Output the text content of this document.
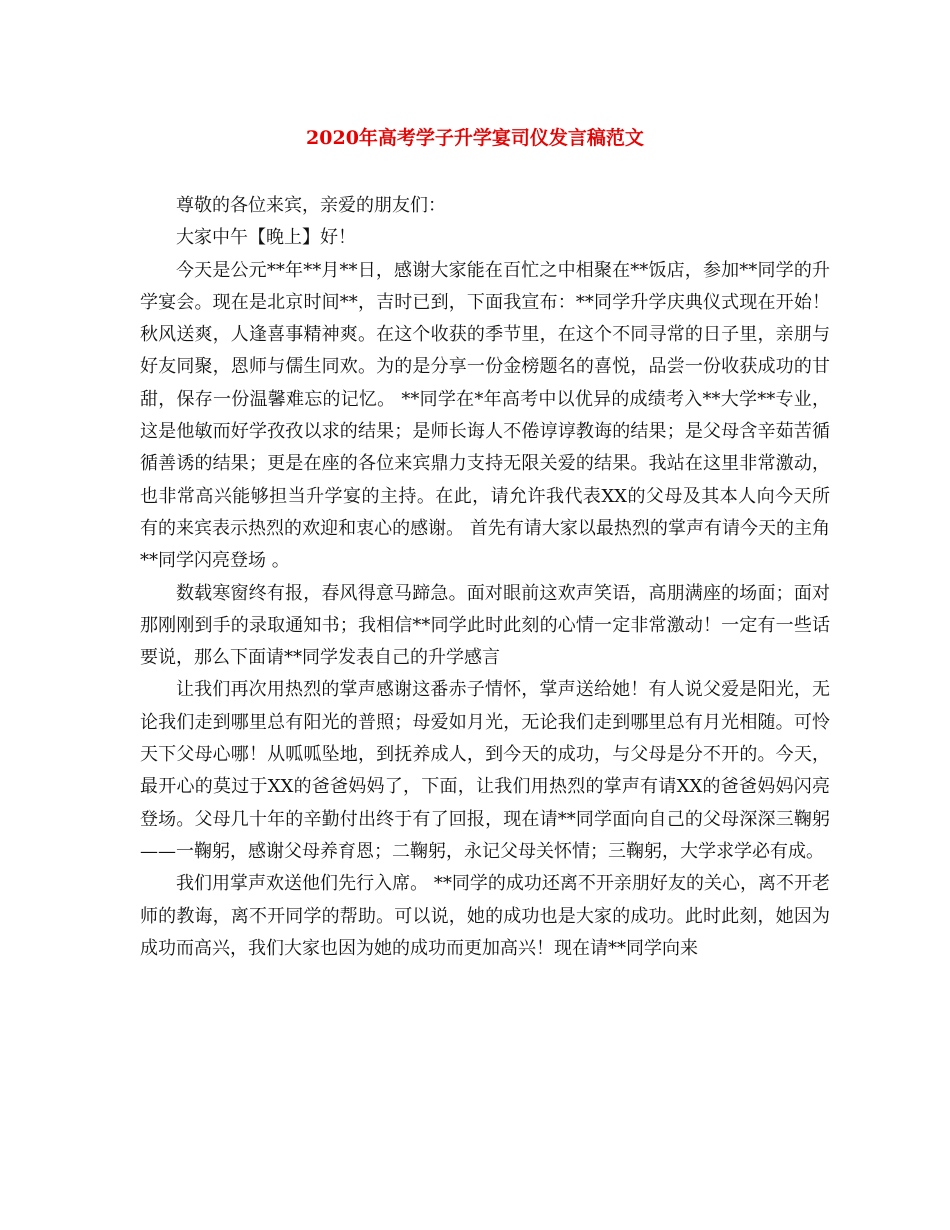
2020年高考学子升学宴司仪发言稿范文

尊敬的各位来宾，亲爱的朋友们：

大家中午【晚上】好！

今天是公元**年**月**日，感谢大家能在百忙之中相聚在**饭店，参加**同学的升学宴会。现在是北京时间**，吉时已到，下面我宣布：**同学升学庆典仪式现在开始！秋风送爽，人逢喜事精神爽。在这个收获的季节里，在这个不同寻常的日子里，亲朋与好友同聚，恩师与儒生同欢。为的是分享一份金榜题名的喜悦，品尝一份收获成功的甘甜，保存一份温馨难忘的记忆。 **同学在*年高考中以优异的成绩考入**大学**专业，这是他敏而好学孜孜以求的结果；是师长诲人不倦谆谆教诲的结果；是父母含辛茹苦循循善诱的结果；更是在座的各位来宾鼎力支持无限关爱的结果。我站在这里非常激动，也非常高兴能够担当升学宴的主持。在此，请允许我代表XX的父母及其本人向今天所有的来宾表示热烈的欢迎和衷心的感谢。 首先有请大家以最热烈的掌声有请今天的主角**同学闪亮登场 。

数载寒窗终有报，春风得意马蹄急。面对眼前这欢声笑语，高朋满座的场面；面对那刚刚到手的录取通知书；我相信**同学此时此刻的心情一定非常激动！一定有一些话要说，那么下面请**同学发表自己的升学感言

让我们再次用热烈的掌声感谢这番赤子情怀，掌声送给她！有人说父爱是阳光，无论我们走到哪里总有阳光的普照；母爱如月光，无论我们走到哪里总有月光相随。可怜天下父母心哪！从呱呱坠地，到抚养成人，到今天的成功，与父母是分不开的。今天，最开心的莫过于XX的爸爸妈妈了，下面，让我们用热烈的掌声有请XX的爸爸妈妈闪亮登场。父母几十年的辛勤付出终于有了回报，现在请**同学面向自己的父母深深三鞠躬——一鞠躬，感谢父母养育恩；二鞠躬，永记父母关怀情；三鞠躬，大学求学必有成。

我们用掌声欢送他们先行入席。 **同学的成功还离不开亲朋好友的关心，离不开老师的教诲，离不开同学的帮助。可以说，她的成功也是大家的成功。此时此刻，她因为成功而高兴，我们大家也因为她的成功而更加高兴！现在请**同学向来
